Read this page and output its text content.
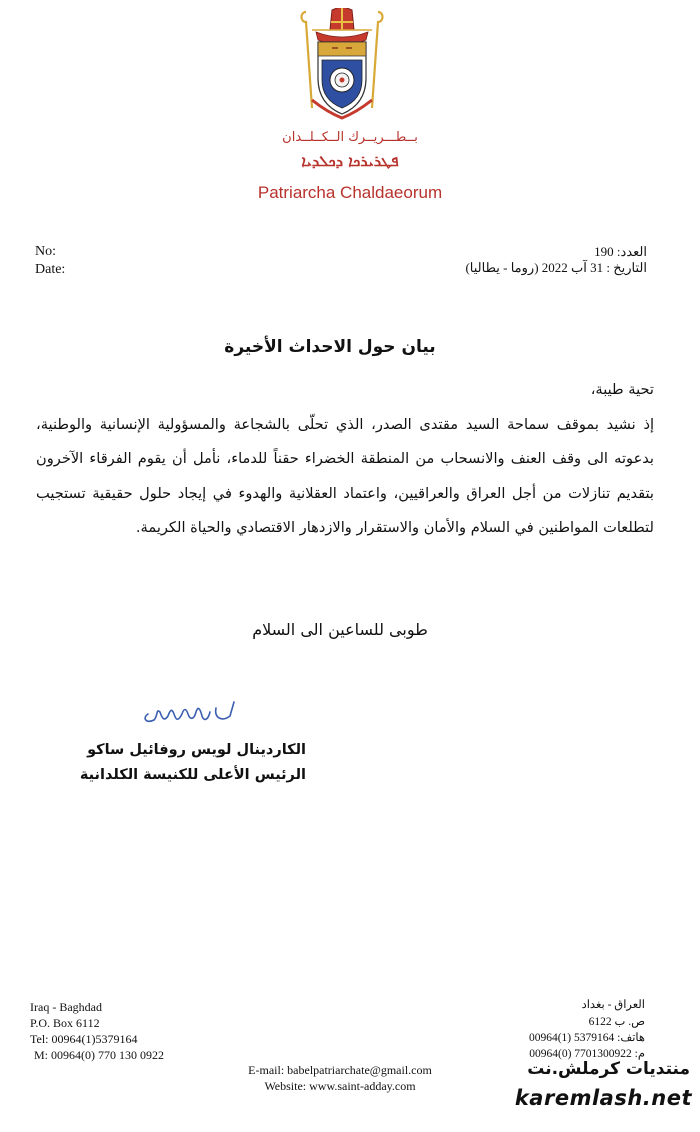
بــطـــريــرك الــكــلــدان
ܦܛܪܝܪܟܐ ܕܟܠܕܝܐ
Patriarcha Chaldaeorum
No:
Date:
العدد: 190
التاريخ : 31 آب 2022 (روما - يطاليا)
بيان حول الاحداث الأخيرة

تحية طيبة،

إذ نشيد بموقف سماحة السيد مقتدى الصدر، الذي تحلّى بالشجاعة والمسؤولية الإنسانية والوطنية، بدعوته الى وقف العنف والانسحاب من المنطقة الخضراء حقناً للدماء، نأمل أن يقوم الفرقاء الآخرون بتقديم تنازلات من أجل العراق والعراقيين، واعتماد العقلانية والهدوء في إيجاد حلول حقيقية تستجيب لتطلعات المواطنين في السلام والأمان والاستقرار والازدهار الاقتصادي والحياة الكريمة.

طوبى للساعين الى السلام
الكاردينال لويس روفائيل ساكو
الرئيس الأعلى للكنيسة الكلدانية
Iraq - Baghdad
P.O. Box 6112
Tel: 00964(1)5379164
M: 00964(0) 770 130 0922
العراق - بغداد
ص. ب 6122
هاتف: 5379164 (1)00964
م: 7701300922 (0)00964
E-mail: babelpatriarchate@gmail.com
Website: www.saint-adday.com
منتديات كرملش.نت
karemlash.net
